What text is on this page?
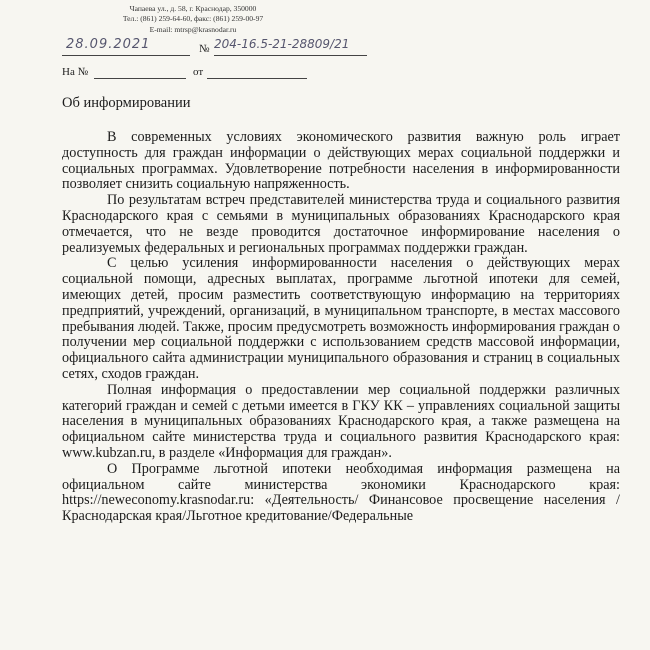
Чапаева ул., д. 58, г. Краснодар, 350000
Тел.: (861) 259-64-60, факс: (861) 259-00-97
E-mail: mtrsp@krasnodar.ru
28.09.2021	№ 204-16.5-21-28809/21
На №	от
Об информировании

В современных условиях экономического развития важную роль играет доступность для граждан информации о действующих мерах социальной поддержки и социальных программах. Удовлетворение потребности населения в информированности позволяет снизить социальную напряженность.

По результатам встреч представителей министерства труда и социального развития Краснодарского края с семьями в муниципальных образованиях Краснодарского края отмечается, что не везде проводится достаточное информирование населения о реализуемых федеральных и региональных программах поддержки граждан.

С целью усиления информированности населения о действующих мерах социальной помощи, адресных выплатах, программе льготной ипотеки для семей, имеющих детей, просим разместить соответствующую информацию на территориях предприятий, учреждений, организаций, в муниципальном транспорте, в местах массового пребывания людей. Также, просим предусмотреть возможность информирования граждан о получении мер социальной поддержки с использованием средств массовой информации, официального сайта администрации муниципального образования и страниц в социальных сетях, сходов граждан.

Полная информация о предоставлении мер социальной поддержки различных категорий граждан и семей с детьми имеется в ГКУ КК – управлениях социальной защиты населения в муниципальных образованиях Краснодарского края, а также размещена на официальном сайте министерства труда и социального развития Краснодарского края: www.kubzan.ru, в разделе «Информация для граждан».

О Программе льготной ипотеки необходимая информация размещена на официальном сайте министерства экономики Краснодарского края: https://neweconomy.krasnodar.ru: «Деятельность/ Финансовое просвещение населения /Краснодарская края/Льготное кредитование/Федеральные
